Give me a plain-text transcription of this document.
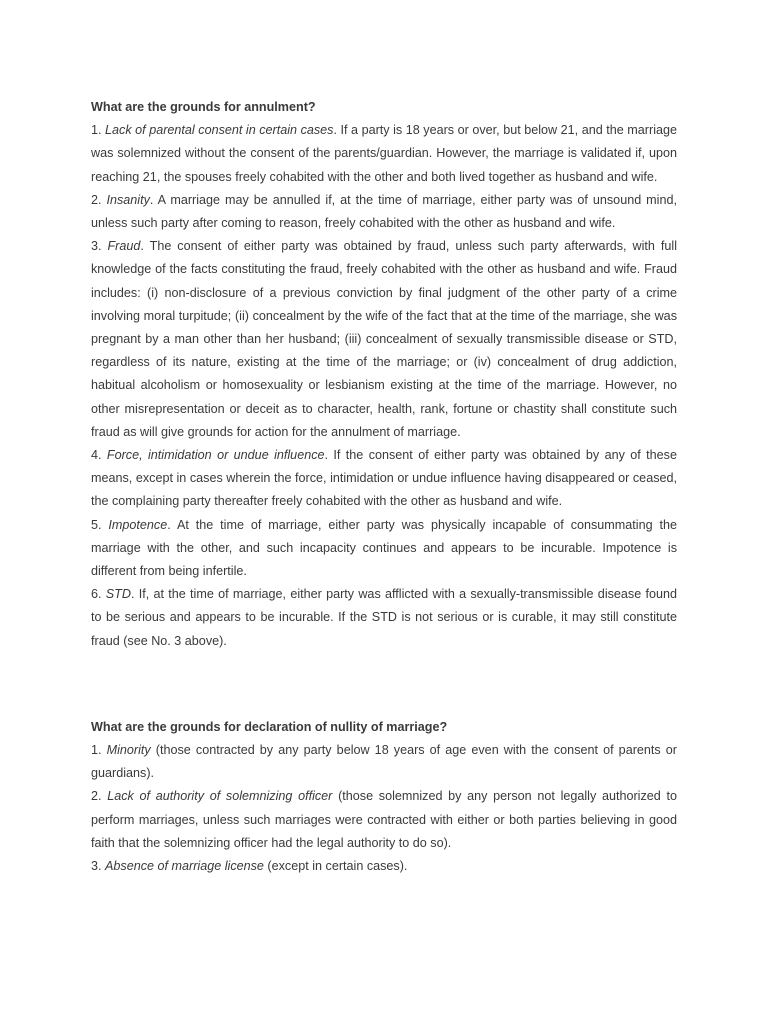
What are the grounds for annulment?

1. Lack of parental consent in certain cases. If a party is 18 years or over, but below 21, and the marriage was solemnized without the consent of the parents/guardian. However, the marriage is validated if, upon reaching 21, the spouses freely cohabited with the other and both lived together as husband and wife.

2. Insanity. A marriage may be annulled if, at the time of marriage, either party was of unsound mind, unless such party after coming to reason, freely cohabited with the other as husband and wife.

3. Fraud. The consent of either party was obtained by fraud, unless such party afterwards, with full knowledge of the facts constituting the fraud, freely cohabited with the other as husband and wife. Fraud includes: (i) non-disclosure of a previous conviction by final judgment of the other party of a crime involving moral turpitude; (ii) concealment by the wife of the fact that at the time of the marriage, she was pregnant by a man other than her husband; (iii) concealment of sexually transmissible disease or STD, regardless of its nature, existing at the time of the marriage; or (iv) concealment of drug addiction, habitual alcoholism or homosexuality or lesbianism existing at the time of the marriage. However, no other misrepresentation or deceit as to character, health, rank, fortune or chastity shall constitute such fraud as will give grounds for action for the annulment of marriage.

4. Force, intimidation or undue influence. If the consent of either party was obtained by any of these means, except in cases wherein the force, intimidation or undue influence having disappeared or ceased, the complaining party thereafter freely cohabited with the other as husband and wife.

5. Impotence. At the time of marriage, either party was physically incapable of consummating the marriage with the other, and such incapacity continues and appears to be incurable. Impotence is different from being infertile.

6. STD. If, at the time of marriage, either party was afflicted with a sexually-transmissible disease found to be serious and appears to be incurable. If the STD is not serious or is curable, it may still constitute fraud (see No. 3 above).

What are the grounds for declaration of nullity of marriage?

1. Minority (those contracted by any party below 18 years of age even with the consent of parents or guardians).

2. Lack of authority of solemnizing officer (those solemnized by any person not legally authorized to perform marriages, unless such marriages were contracted with either or both parties believing in good faith that the solemnizing officer had the legal authority to do so).

3. Absence of marriage license (except in certain cases).
